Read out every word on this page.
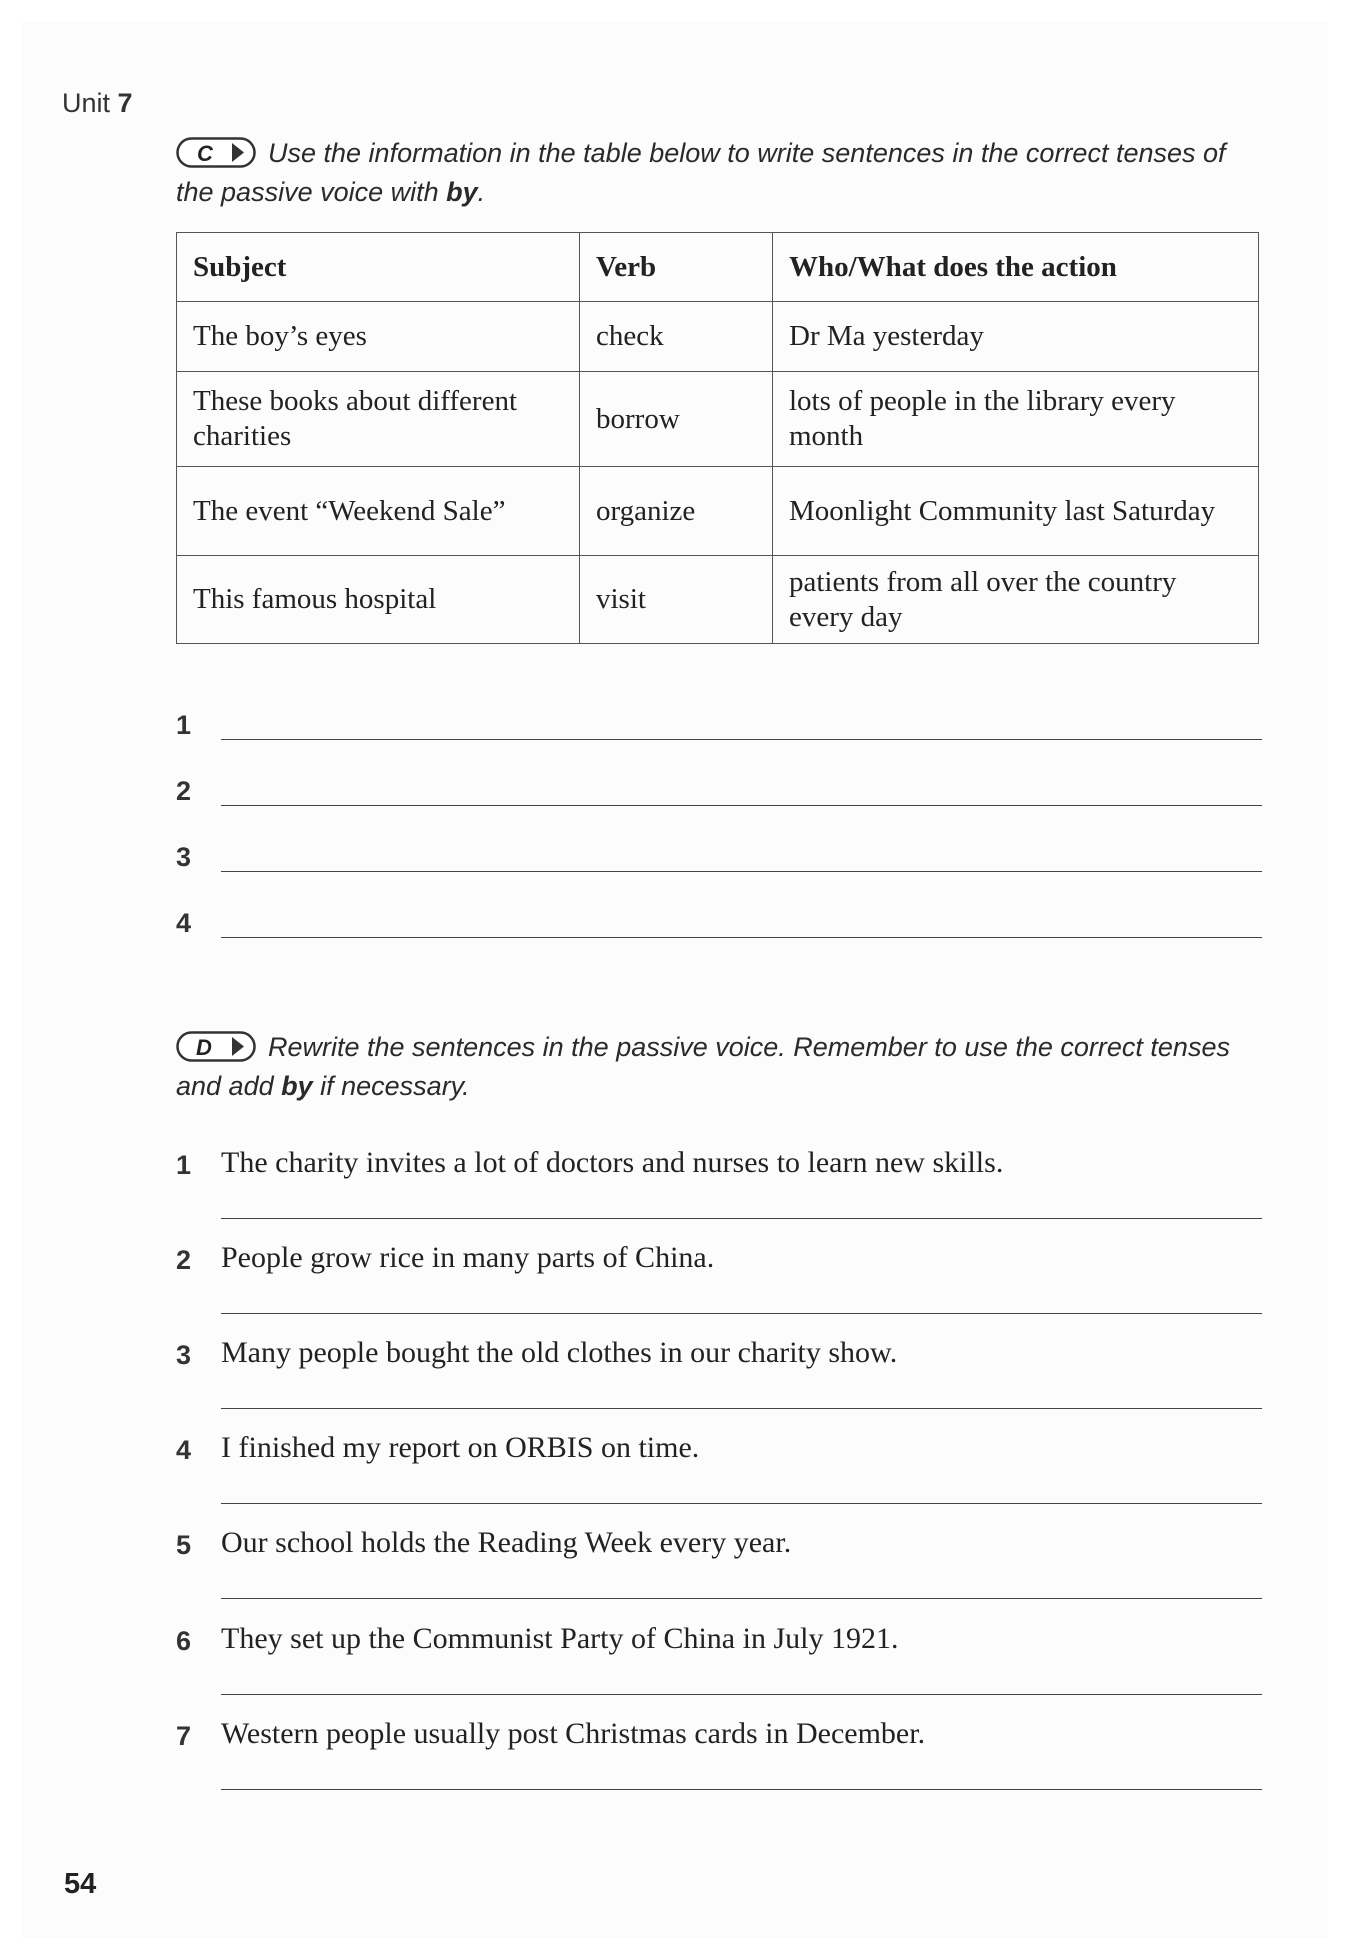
Unit 7
C Use the information in the table below to write sentences in the correct tenses of the passive voice with by.
Subject	Verb	Who/What does the action
The boy’s eyes	check	Dr Ma yesterday
These books about different charities	borrow	lots of people in the library every month
The event “Weekend Sale”	organize	Moonlight Community last Saturday
This famous hospital	visit	patients from all over the country every day
1
2
3
4
D Rewrite the sentences in the passive voice. Remember to use the correct tenses and add by if necessary.
1 The charity invites a lot of doctors and nurses to learn new skills.
2 People grow rice in many parts of China.
3 Many people bought the old clothes in our charity show.
4 I finished my report on ORBIS on time.
5 Our school holds the Reading Week every year.
6 They set up the Communist Party of China in July 1921.
7 Western people usually post Christmas cards in December.
54
